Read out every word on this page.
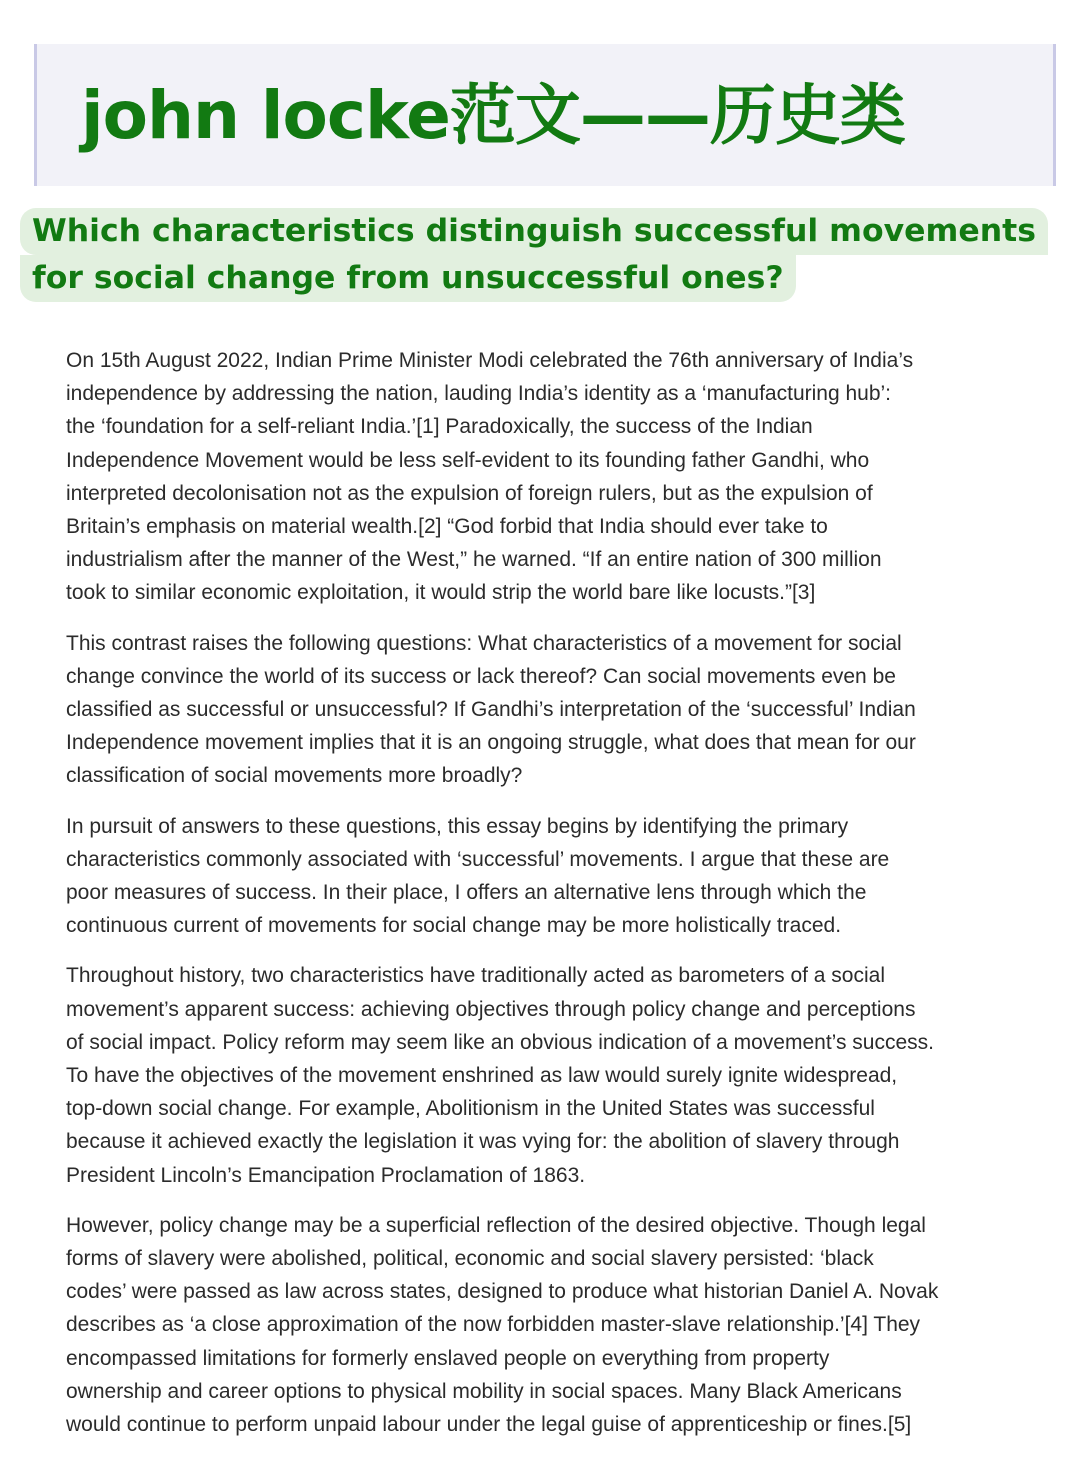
john locke范文——历史类
Which characteristics distinguish successful movements
for social change from unsuccessful ones?

On 15th August 2022, Indian Prime Minister Modi celebrated the 76th anniversary of India’s
independence by addressing the nation, lauding India’s identity as a ‘manufacturing hub’:
the ‘foundation for a self-reliant India.’[1] Paradoxically, the success of the Indian
Independence Movement would be less self-evident to its founding father Gandhi, who
interpreted decolonisation not as the expulsion of foreign rulers, but as the expulsion of
Britain’s emphasis on material wealth.[2] “God forbid that India should ever take to
industrialism after the manner of the West,” he warned. “If an entire nation of 300 million
took to similar economic exploitation, it would strip the world bare like locusts.”[3]

This contrast raises the following questions: What characteristics of a movement for social
change convince the world of its success or lack thereof? Can social movements even be
classified as successful or unsuccessful? If Gandhi’s interpretation of the ‘successful’ Indian
Independence movement implies that it is an ongoing struggle, what does that mean for our
classification of social movements more broadly?

In pursuit of answers to these questions, this essay begins by identifying the primary
characteristics commonly associated with ‘successful’ movements. I argue that these are
poor measures of success. In their place, I offers an alternative lens through which the
continuous current of movements for social change may be more holistically traced.

Throughout history, two characteristics have traditionally acted as barometers of a social
movement’s apparent success: achieving objectives through policy change and perceptions
of social impact. Policy reform may seem like an obvious indication of a movement’s success.
To have the objectives of the movement enshrined as law would surely ignite widespread,
top-down social change. For example, Abolitionism in the United States was successful
because it achieved exactly the legislation it was vying for: the abolition of slavery through
President Lincoln’s Emancipation Proclamation of 1863.

However, policy change may be a superficial reflection of the desired objective. Though legal
forms of slavery were abolished, political, economic and social slavery persisted: ‘black
codes’ were passed as law across states, designed to produce what historian Daniel A. Novak
describes as ‘a close approximation of the now forbidden master-slave relationship.’[4] They
encompassed limitations for formerly enslaved people on everything from property
ownership and career options to physical mobility in social spaces. Many Black Americans
would continue to perform unpaid labour under the legal guise of apprenticeship or fines.[5]
